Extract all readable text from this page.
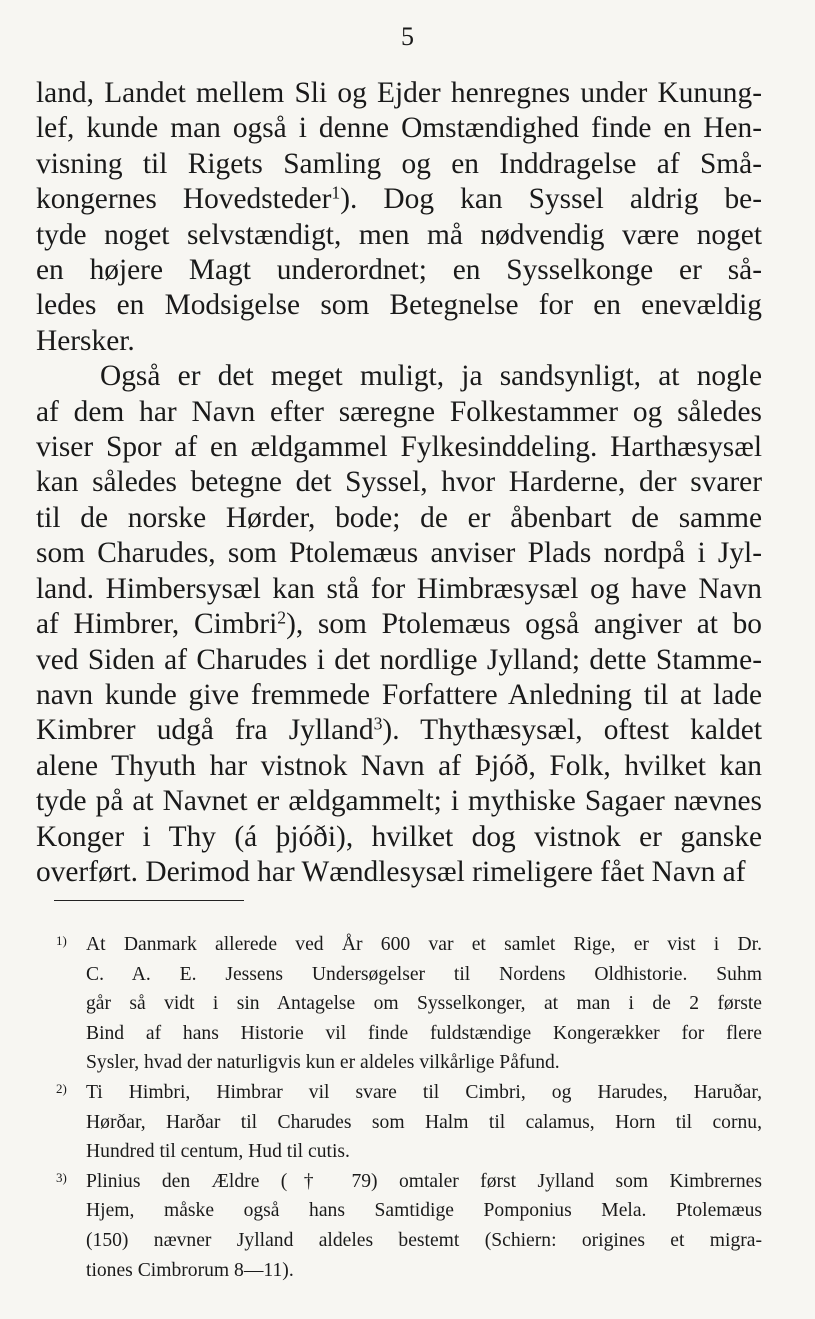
5
land, Landet mellem Sli og Ejder henregnes under Kunung-
lef, kunde man også i denne Omstændighed finde en Hen-
visning til Rigets Samling og en Inddragelse af Små-
kongernes Hovedsteder$^1$). Dog kan Syssel aldrig be-
tyde noget selvstændigt, men må nødvendig være noget
en højere Magt underordnet; en Sysselkonge er så-
ledes en Modsigelse som Betegnelse for en enevældig
Hersker.
Også er det meget muligt, ja sandsynligt, at nogle
af dem har Navn efter særegne Folkestammer og således
viser Spor af en ældgammel Fylkesinddeling. Harthæsysæl
kan således betegne det Syssel, hvor Harderne, der svarer
til de norske Hørder, bode; de er åbenbart de samme
som Charudes, som Ptolemæus anviser Plads nordpå i Jyl-
land. Himbersysæl kan stå for Himbræsysæl og have Navn
af Himbrer, Cimbri$^2$), som Ptolemæus også angiver at bo
ved Siden af Charudes i det nordlige Jylland; dette Stamme-
navn kunde give fremmede Forfattere Anledning til at lade
Kimbrer udgå fra Jylland$^3$). Thythæsysæl, oftest kaldet
alene Thyuth har vistnok Navn af Þjóð, Folk, hvilket kan
tyde på at Navnet er ældgammelt; i mythiske Sagaer nævnes
Konger i Thy (á þjóði), hvilket dog vistnok er ganske
overført. Derimod har Wændlesysæl rimeligere fået Navn af
1) At Danmark allerede ved År 600 var et samlet Rige, er vist i Dr.
C. A. E. Jessens Undersøgelser til Nordens Oldhistorie. Suhm
går så vidt i sin Antagelse om Sysselkonger, at man i de 2 første
Bind af hans Historie vil finde fuldstændige Kongerækker for flere
Sysler, hvad der naturligvis kun er aldeles vilkårlige Påfund.
2) Ti Himbri, Himbrar vil svare til Cimbri, og Harudes, Haruðar,
Hørðar, Harðar til Charudes som Halm til calamus, Horn til cornu,
Hundred til centum, Hud til cutis.
3) Plinius den Ældre († 79) omtaler først Jylland som Kimbrernes
Hjem, måske også hans Samtidige Pomponius Mela. Ptolemæus
(150) nævner Jylland aldeles bestemt (Schiern: origines et migra-
tiones Cimbrorum 8—11).
